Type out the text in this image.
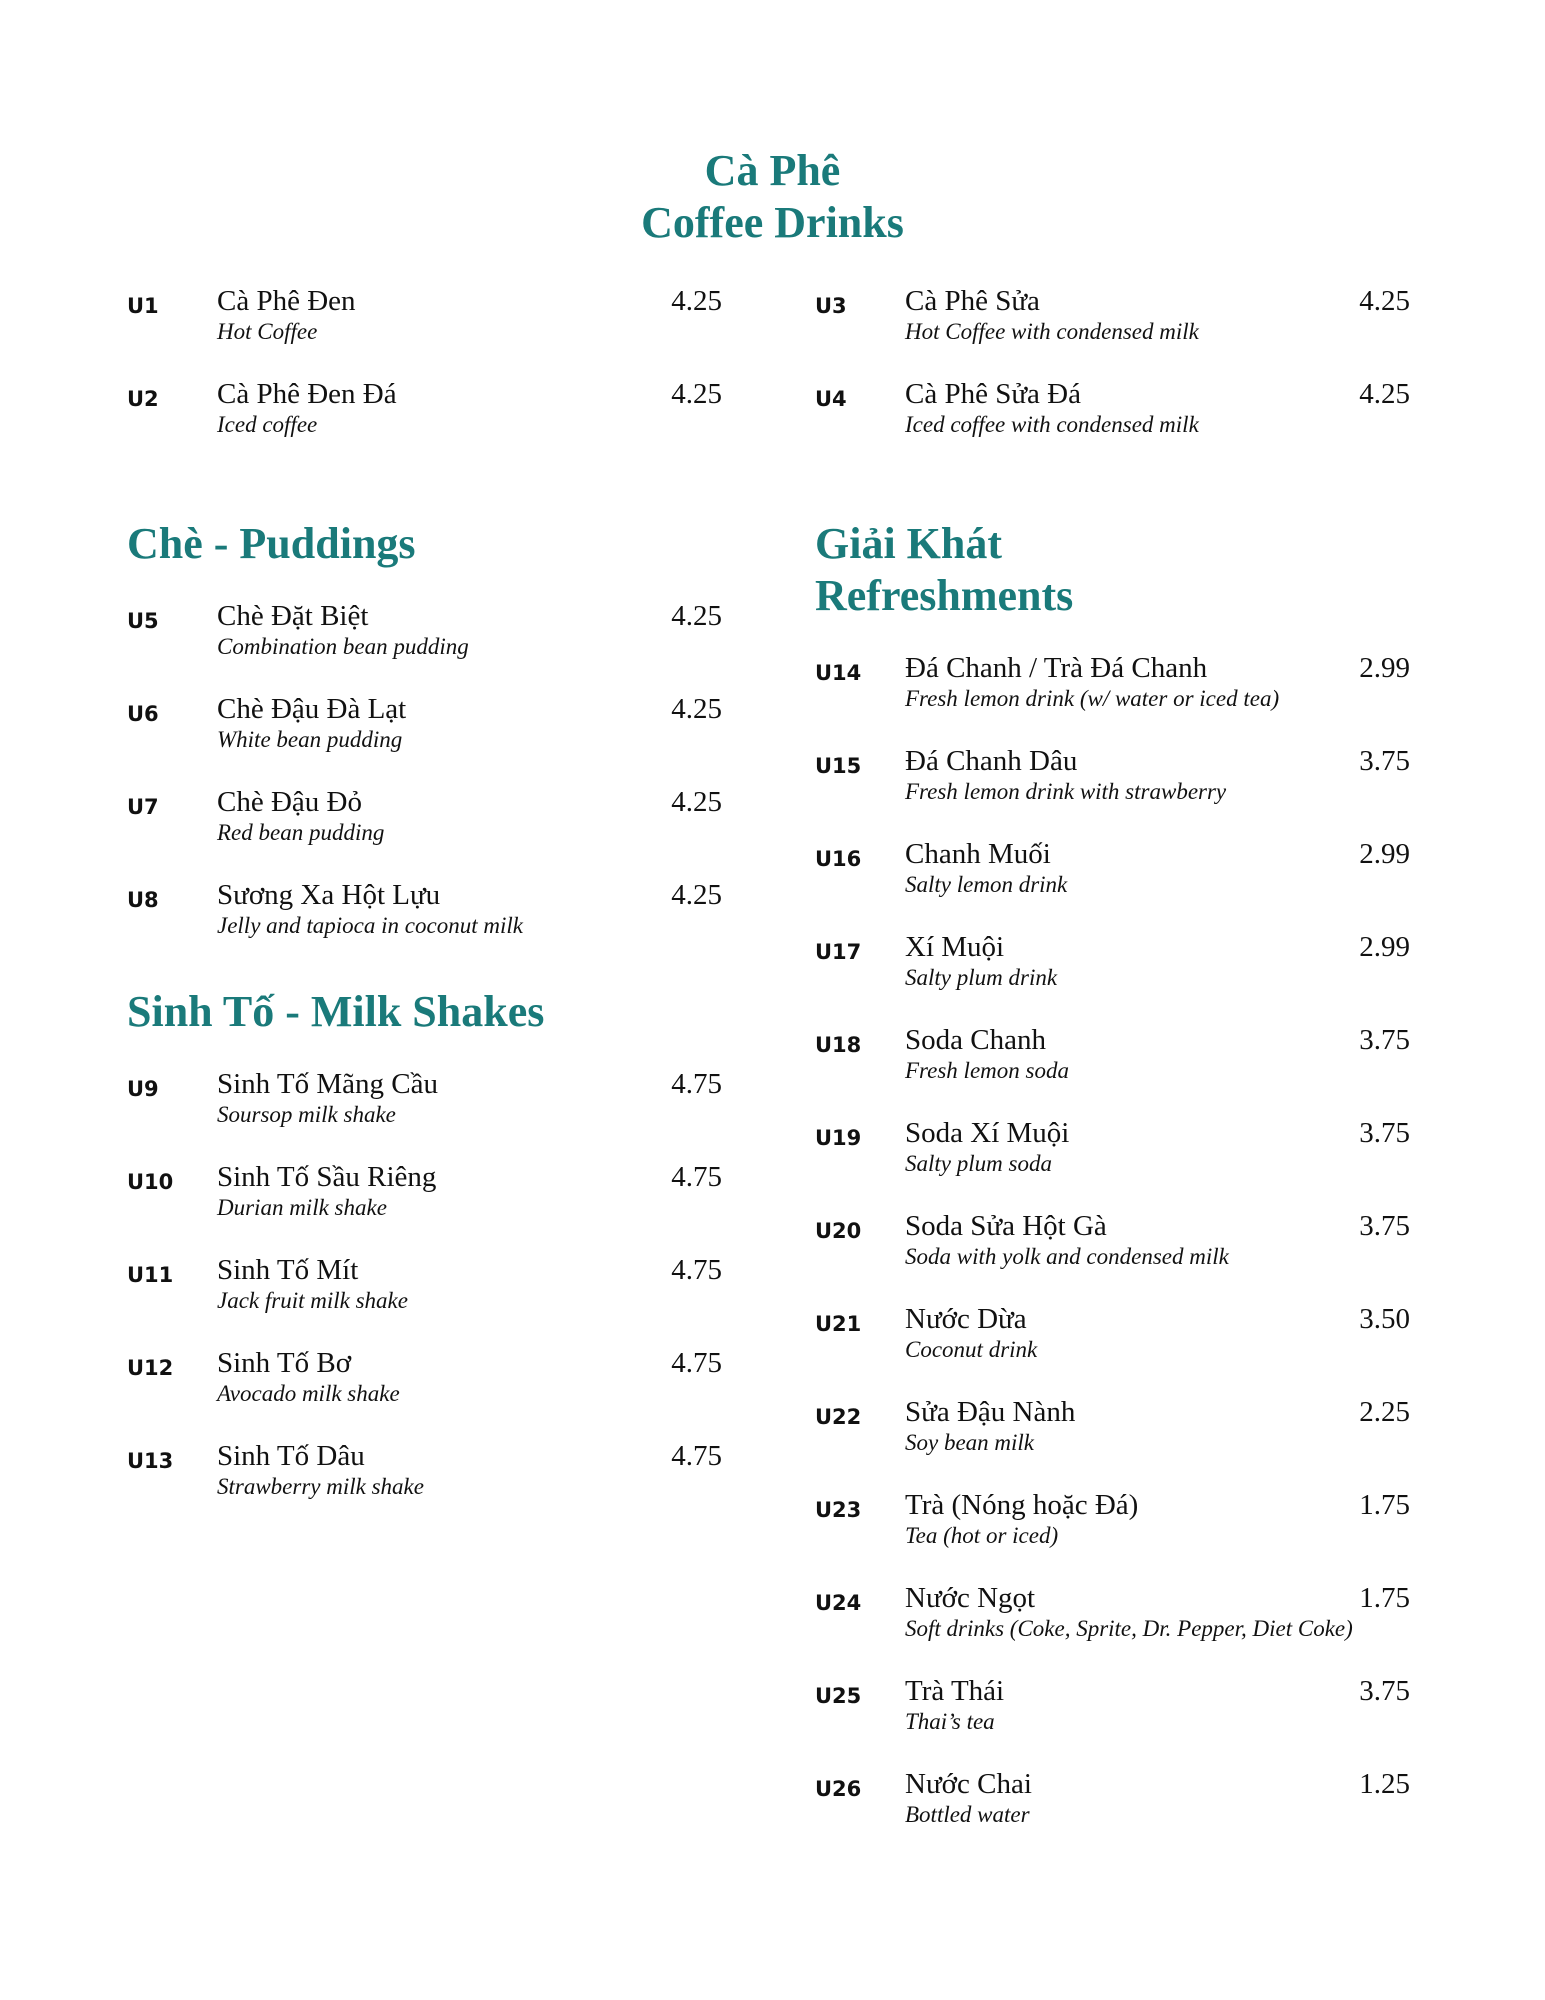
Cà Phê
Coffee Drinks
U1 Cà Phê Đen
Hot Coffee
4.25
U2 Cà Phê Đen Đá
Iced coffee
4.25
U3 Cà Phê Sửa
Hot Coffee with condensed milk
4.25
U4 Cà Phê Sửa Đá
Iced coffee with condensed milk
4.25
Chè - Puddings
U5 Chè Đặt Biệt
Combination bean pudding
4.25
U6 Chè Đậu Đà Lạt
White bean pudding
4.25
U7 Chè Đậu Đỏ
Red bean pudding
4.25
U8 Sương Xa Hột Lựu
Jelly and tapioca in coconut milk
4.25
Sinh Tố - Milk Shakes
U9 Sinh Tố Mãng Cầu
Soursop milk shake
4.75
U10 Sinh Tố Sầu Riêng
Durian milk shake
4.75
U11 Sinh Tố Mít
Jack fruit milk shake
4.75
U12 Sinh Tố Bơ
Avocado milk shake
4.75
U13 Sinh Tố Dâu
Strawberry milk shake
4.75
Giải Khát
Refreshments
U14 Đá Chanh / Trà Đá Chanh
Fresh lemon drink (w/ water or iced tea)
2.99
U15 Đá Chanh Dâu
Fresh lemon drink with strawberry
3.75
U16 Chanh Muối
Salty lemon drink
2.99
U17 Xí Muội
Salty plum drink
2.99
U18 Soda Chanh
Fresh lemon soda
3.75
U19 Soda Xí Muội
Salty plum soda
3.75
U20 Soda Sửa Hột Gà
Soda with yolk and condensed milk
3.75
U21 Nước Dừa
Coconut drink
3.50
U22 Sửa Đậu Nành
Soy bean milk
2.25
U23 Trà (Nóng hoặc Đá)
Tea (hot or iced)
1.75
U24 Nước Ngọt
Soft drinks (Coke, Sprite, Dr. Pepper, Diet Coke)
1.75
U25 Trà Thái
Thai’s tea
3.75
U26 Nước Chai
Bottled water
1.25
